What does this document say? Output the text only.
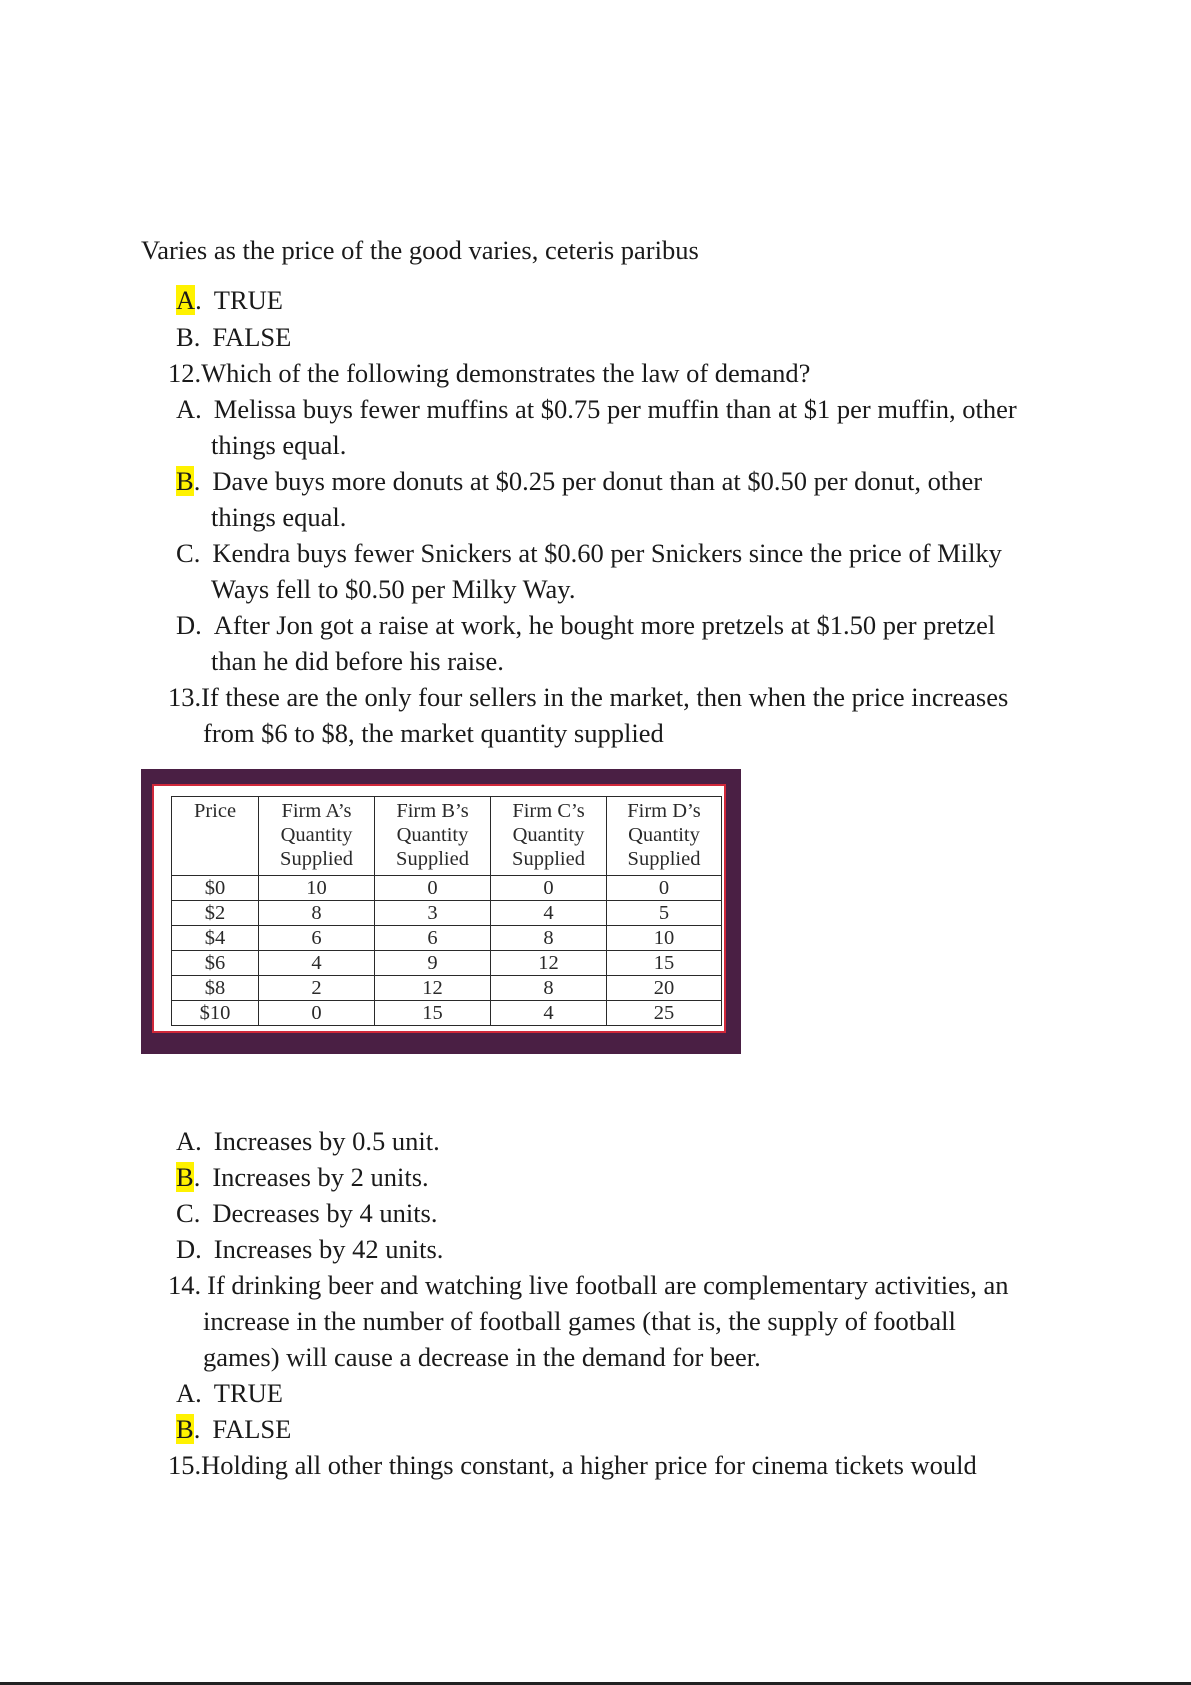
Varies as the price of the good varies, ceteris paribus
A. TRUE
B. FALSE
12.Which of the following demonstrates the law of demand?
A. Melissa buys fewer muffins at $0.75 per muffin than at $1 per muffin, other
things equal.
B. Dave buys more donuts at $0.25 per donut than at $0.50 per donut, other
things equal.
C. Kendra buys fewer Snickers at $0.60 per Snickers since the price of Milky
Ways fell to $0.50 per Milky Way.
D. After Jon got a raise at work, he bought more pretzels at $1.50 per pretzel
than he did before his raise.
13.If these are the only four sellers in the market, then when the price increases
from $6 to $8, the market quantity supplied
Price	Firm A’s
Quantity
Supplied	Firm B’s
Quantity
Supplied	Firm C’s
Quantity
Supplied	Firm D’s
Quantity
Supplied
$0	10	0	0	0
$2	8	3	4	5
$4	6	6	8	10
$6	4	9	12	15
$8	2	12	8	20
$10	0	15	4	25
A. Increases by 0.5 unit.
B. Increases by 2 units.
C. Decreases by 4 units.
D. Increases by 42 units.
14. If drinking beer and watching live football are complementary activities, an
increase in the number of football games (that is, the supply of football
games) will cause a decrease in the demand for beer.
A. TRUE
B. FALSE
15.Holding all other things constant, a higher price for cinema tickets would
